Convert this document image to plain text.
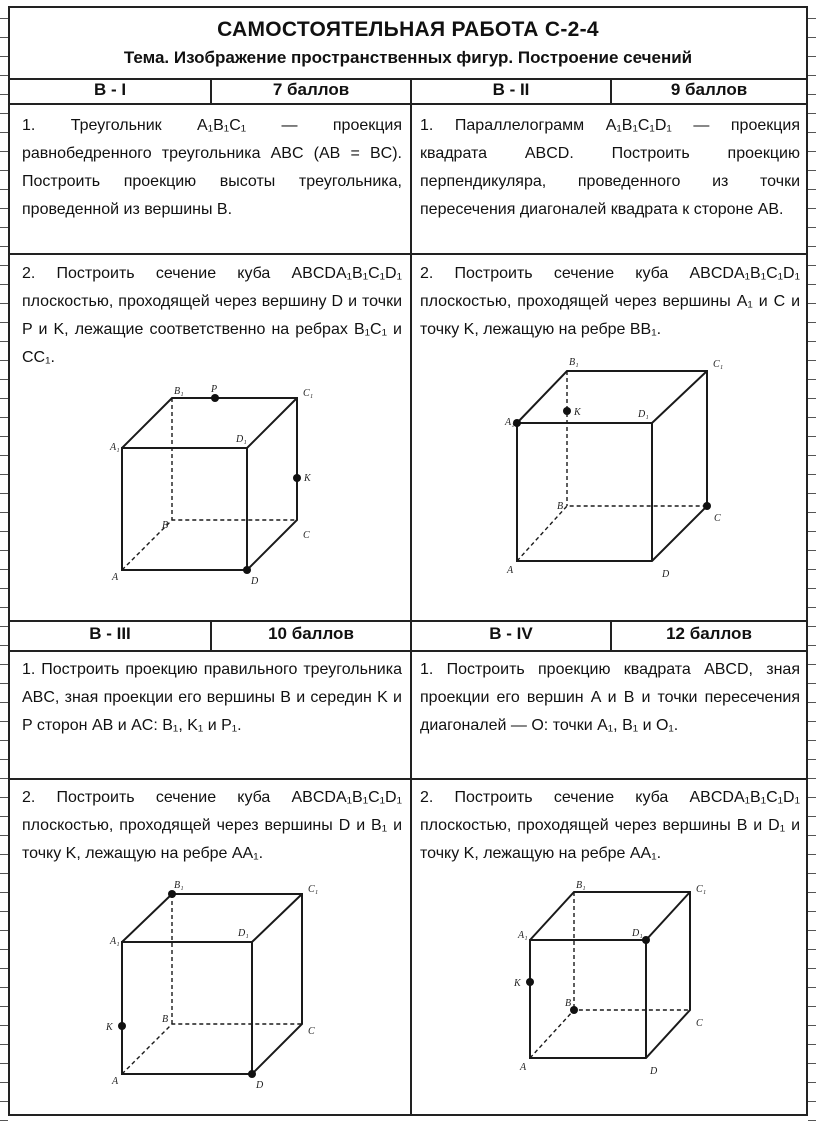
САМОСТОЯТЕЛЬНАЯ РАБОТА С-2-4
Тема. Изображение пространственных фигур. Построение сечений
В - I	7 баллов	В - II	9 баллов
В - III	10 баллов	В - IV	12 баллов
1. Треугольник A₁B₁C₁ — проекция равнобедренного треугольника ABC (AB = BC). Построить проекцию высоты треугольника, проведенной из вершины B.
1. Параллелограмм A₁B₁C₁D₁ — проекция квадрата ABCD. Построить проекцию перпендикуляра, проведенного из точки пересечения диагоналей квадрата к стороне AB.
2. Построить сечение куба ABCDA₁B₁C₁D₁ плоскостью, проходящей через вершину D и точки P и K, лежащие соответственно на ребрах B₁C₁ и CC₁.
2. Построить сечение куба ABCDA₁B₁C₁D₁ плоскостью, проходящей через вершины A₁ и C и точку K, лежащую на ребре BB₁.
1. Построить проекцию правильного треугольника ABC, зная проекции его вершины B и середин K и P сторон AB и AC: B₁, K₁ и P₁.
1. Построить проекцию квадрата ABCD, зная проекции его вершин A и B и точки пересечения диагоналей — O: точки A₁, B₁ и O₁.
2. Построить сечение куба ABCDA₁B₁C₁D₁ плоскостью, проходящей через вершины D и B₁ и точку K, лежащую на ребре AA₁.
2. Построить сечение куба ABCDA₁B₁C₁D₁ плоскостью, проходящей через вершины B и D₁ и точку K, лежащую на ребре AA₁.
A
B
C
D
A₁
B₁	C₁
D₁
P
K
A
B
C
D
A₁
B₁	C₁
D₁
K
A
B
C
D
A₁
B₁	C₁
D₁
K
A
B
C
D
A₁
B₁	C₁
D₁
K
